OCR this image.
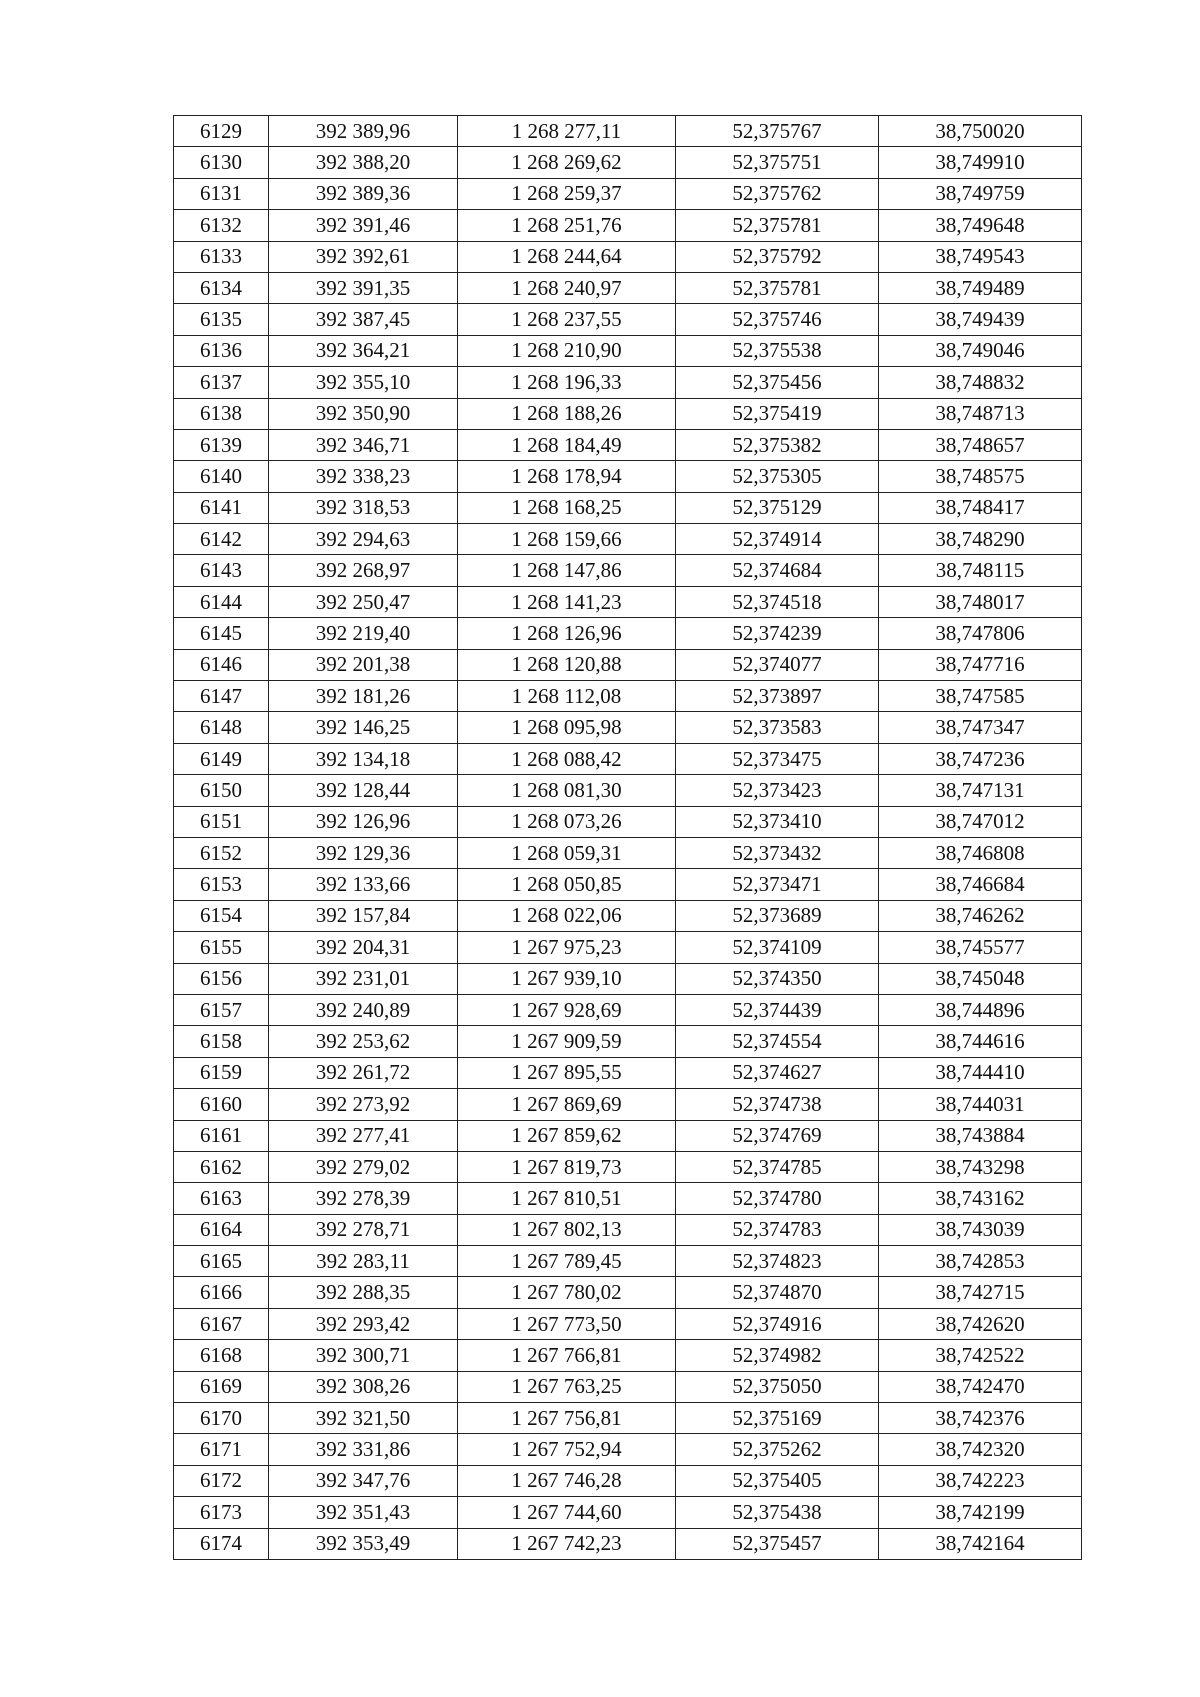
6129	392 389,96	1 268 277,11	52,375767	38,750020
6130	392 388,20	1 268 269,62	52,375751	38,749910
6131	392 389,36	1 268 259,37	52,375762	38,749759
6132	392 391,46	1 268 251,76	52,375781	38,749648
6133	392 392,61	1 268 244,64	52,375792	38,749543
6134	392 391,35	1 268 240,97	52,375781	38,749489
6135	392 387,45	1 268 237,55	52,375746	38,749439
6136	392 364,21	1 268 210,90	52,375538	38,749046
6137	392 355,10	1 268 196,33	52,375456	38,748832
6138	392 350,90	1 268 188,26	52,375419	38,748713
6139	392 346,71	1 268 184,49	52,375382	38,748657
6140	392 338,23	1 268 178,94	52,375305	38,748575
6141	392 318,53	1 268 168,25	52,375129	38,748417
6142	392 294,63	1 268 159,66	52,374914	38,748290
6143	392 268,97	1 268 147,86	52,374684	38,748115
6144	392 250,47	1 268 141,23	52,374518	38,748017
6145	392 219,40	1 268 126,96	52,374239	38,747806
6146	392 201,38	1 268 120,88	52,374077	38,747716
6147	392 181,26	1 268 112,08	52,373897	38,747585
6148	392 146,25	1 268 095,98	52,373583	38,747347
6149	392 134,18	1 268 088,42	52,373475	38,747236
6150	392 128,44	1 268 081,30	52,373423	38,747131
6151	392 126,96	1 268 073,26	52,373410	38,747012
6152	392 129,36	1 268 059,31	52,373432	38,746808
6153	392 133,66	1 268 050,85	52,373471	38,746684
6154	392 157,84	1 268 022,06	52,373689	38,746262
6155	392 204,31	1 267 975,23	52,374109	38,745577
6156	392 231,01	1 267 939,10	52,374350	38,745048
6157	392 240,89	1 267 928,69	52,374439	38,744896
6158	392 253,62	1 267 909,59	52,374554	38,744616
6159	392 261,72	1 267 895,55	52,374627	38,744410
6160	392 273,92	1 267 869,69	52,374738	38,744031
6161	392 277,41	1 267 859,62	52,374769	38,743884
6162	392 279,02	1 267 819,73	52,374785	38,743298
6163	392 278,39	1 267 810,51	52,374780	38,743162
6164	392 278,71	1 267 802,13	52,374783	38,743039
6165	392 283,11	1 267 789,45	52,374823	38,742853
6166	392 288,35	1 267 780,02	52,374870	38,742715
6167	392 293,42	1 267 773,50	52,374916	38,742620
6168	392 300,71	1 267 766,81	52,374982	38,742522
6169	392 308,26	1 267 763,25	52,375050	38,742470
6170	392 321,50	1 267 756,81	52,375169	38,742376
6171	392 331,86	1 267 752,94	52,375262	38,742320
6172	392 347,76	1 267 746,28	52,375405	38,742223
6173	392 351,43	1 267 744,60	52,375438	38,742199
6174	392 353,49	1 267 742,23	52,375457	38,742164
